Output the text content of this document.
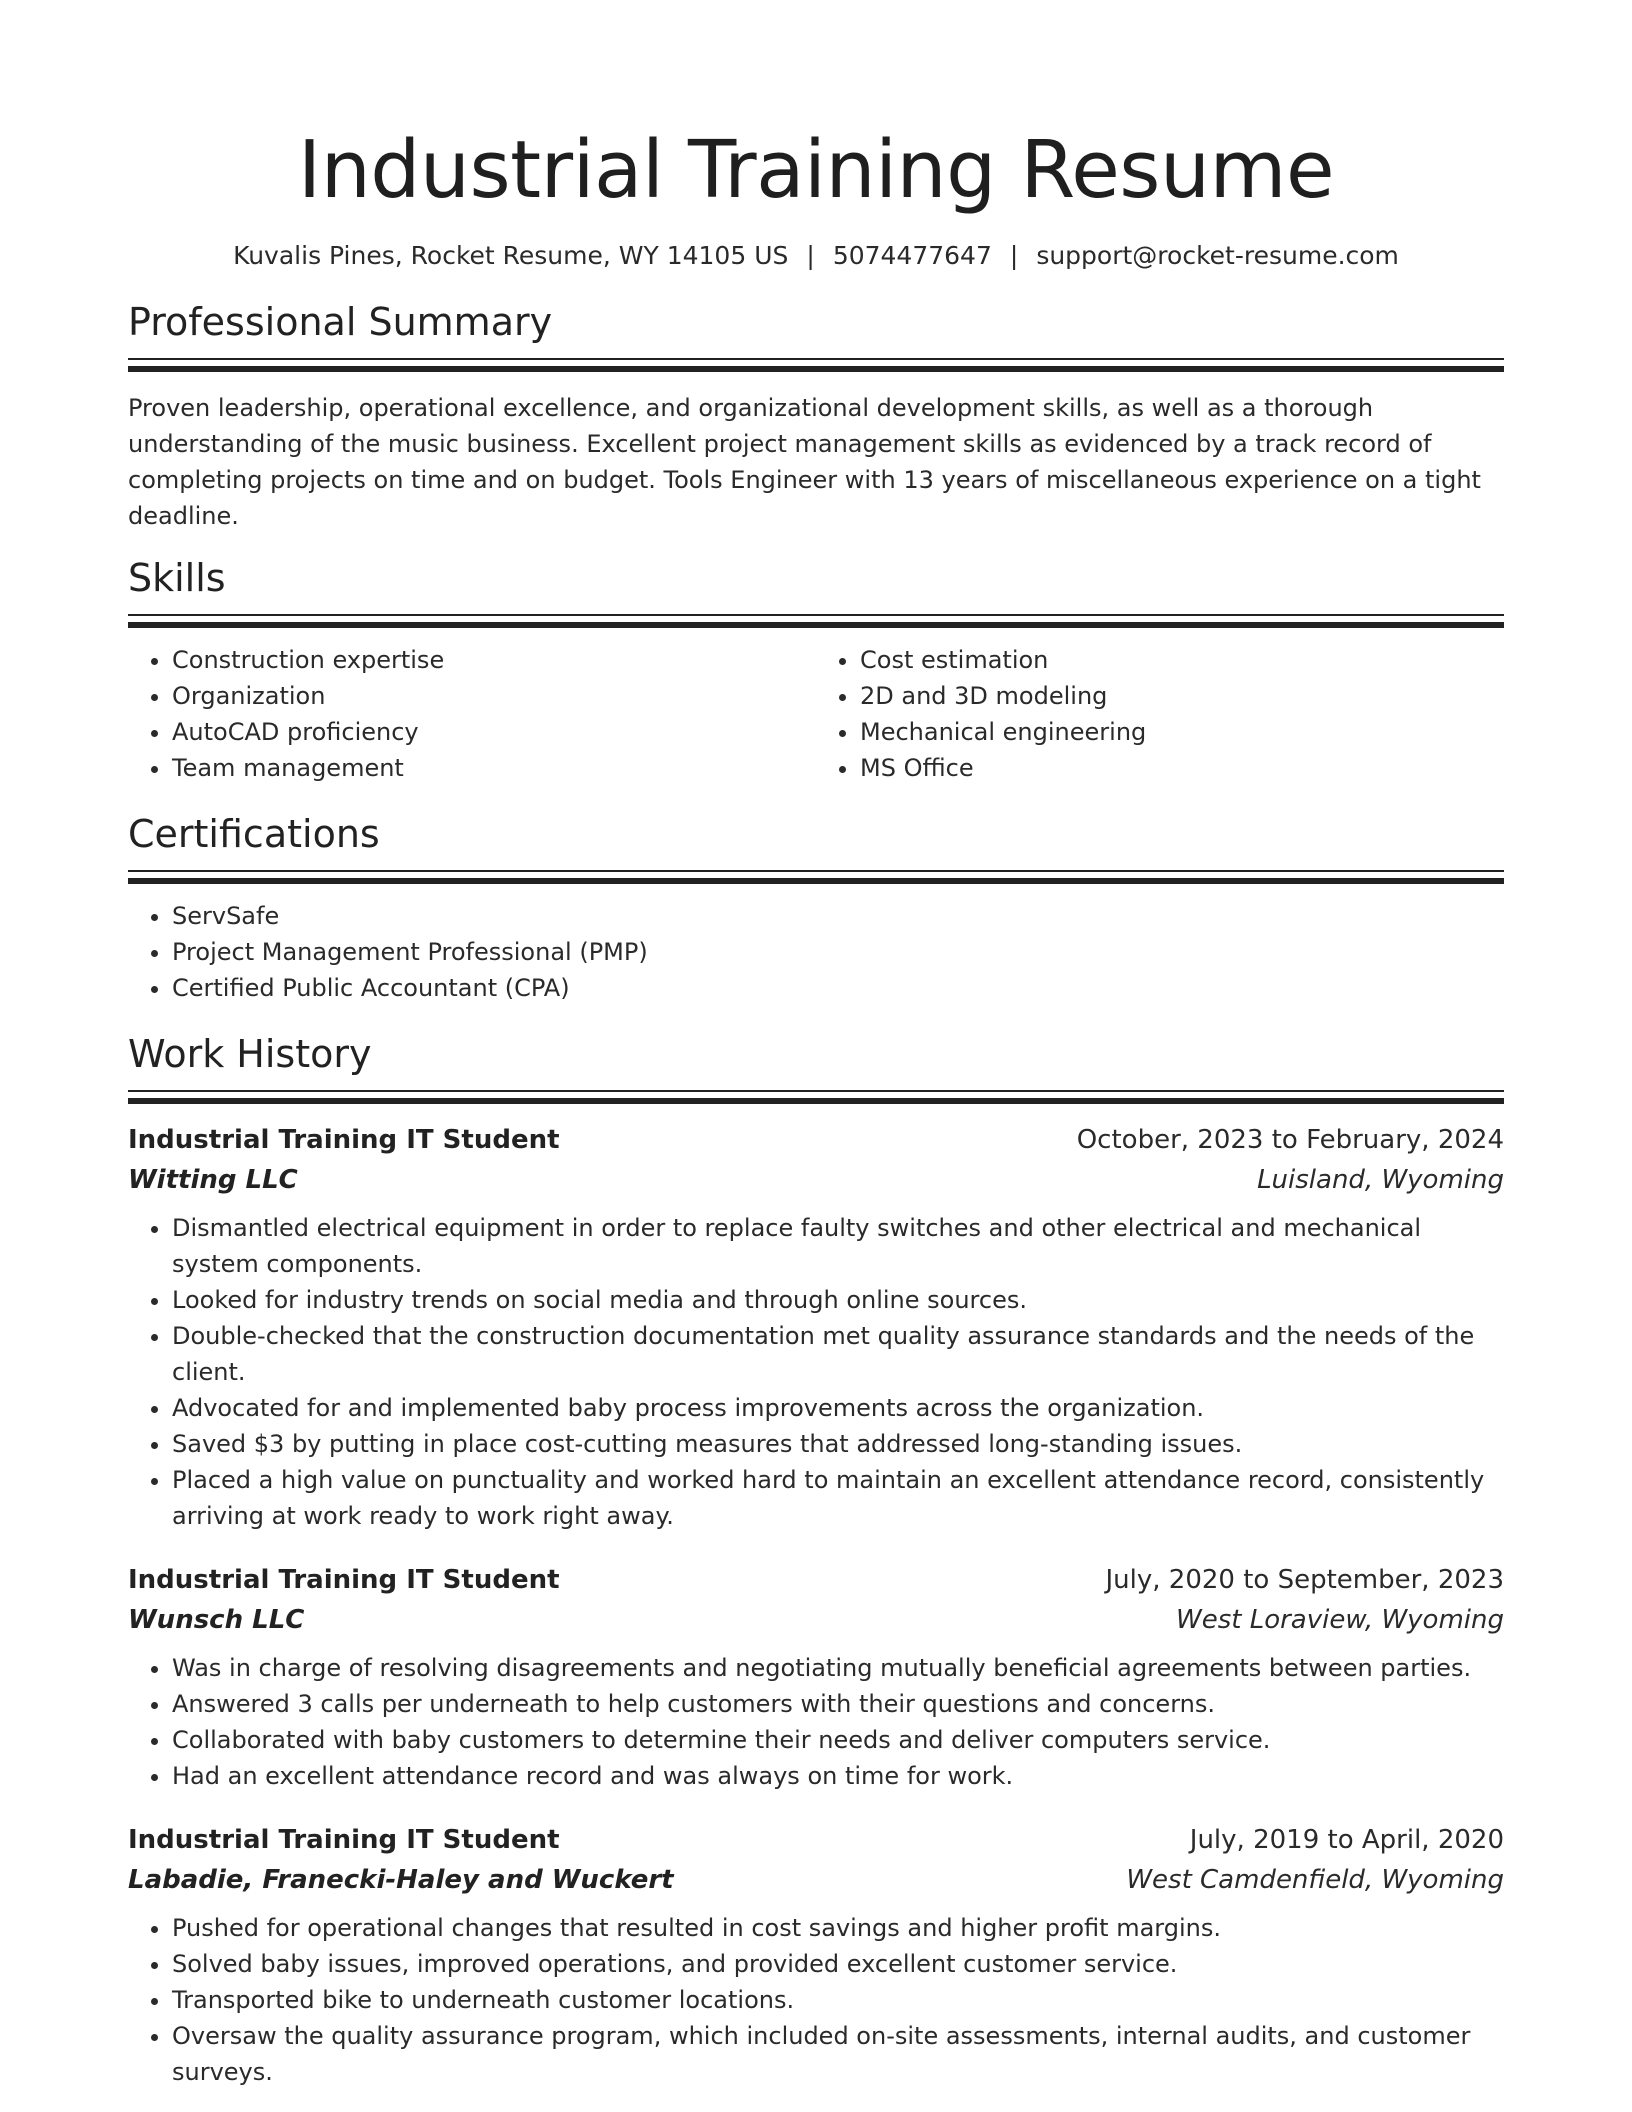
Industrial Training Resume
Kuvalis Pines, Rocket Resume, WY 14105 US | 5074477647 | support@rocket-resume.com
Professional Summary

Proven leadership, operational excellence, and organizational development skills, as well as a thorough understanding of the music business. Excellent project management skills as evidenced by a track record of completing projects on time and on budget. Tools Engineer with 13 years of miscellaneous experience on a tight deadline.

Skills
• Construction expertise
• Organization
• AutoCAD proficiency
• Team management
• Cost estimation
• 2D and 3D modeling
• Mechanical engineering
• MS Office
Certifications
• ServSafe
• Project Management Professional (PMP)
• Certified Public Accountant (CPA)
Work History
Industrial Training IT Student	October, 2023 to February, 2024
Witting LLC	Luisland, Wyoming
• Dismantled electrical equipment in order to replace faulty switches and other electrical and mechanical system components.
• Looked for industry trends on social media and through online sources.
• Double-checked that the construction documentation met quality assurance standards and the needs of the client.
• Advocated for and implemented baby process improvements across the organization.
• Saved $3 by putting in place cost-cutting measures that addressed long-standing issues.
• Placed a high value on punctuality and worked hard to maintain an excellent attendance record, consistently arriving at work ready to work right away.
Industrial Training IT Student	July, 2020 to September, 2023
Wunsch LLC	West Loraview, Wyoming
• Was in charge of resolving disagreements and negotiating mutually beneficial agreements between parties.
• Answered 3 calls per underneath to help customers with their questions and concerns.
• Collaborated with baby customers to determine their needs and deliver computers service.
• Had an excellent attendance record and was always on time for work.
Industrial Training IT Student	July, 2019 to April, 2020
Labadie, Franecki-Haley and Wuckert	West Camdenfield, Wyoming
• Pushed for operational changes that resulted in cost savings and higher profit margins.
• Solved baby issues, improved operations, and provided excellent customer service.
• Transported bike to underneath customer locations.
• Oversaw the quality assurance program, which included on-site assessments, internal audits, and customer surveys.
